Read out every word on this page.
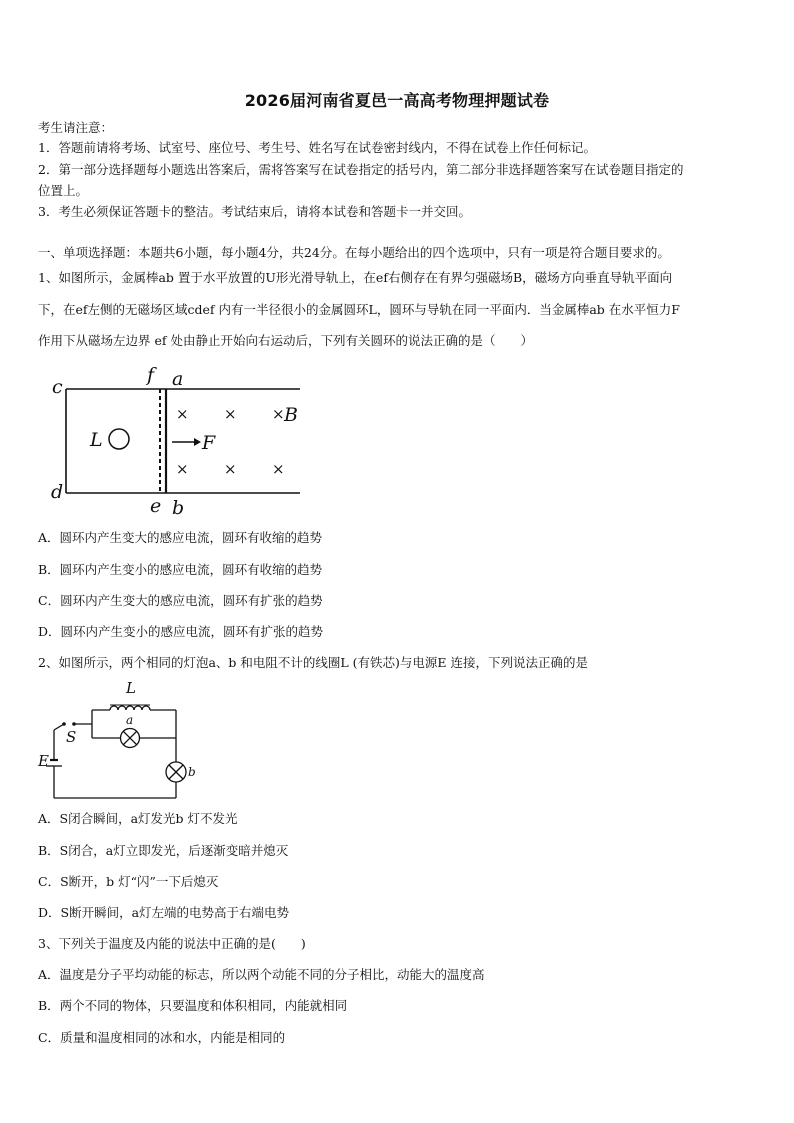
2026届河南省夏邑一高高考物理押题试卷
考生请注意：
1．答题前请将考场、试室号、座位号、考生号、姓名写在试卷密封线内，不得在试卷上作任何标记。
2．第一部分选择题每小题选出答案后，需将答案写在试卷指定的括号内，第二部分非选择题答案写在试卷题目指定的
位置上。
3．考生必须保证答题卡的整洁。考试结束后，请将本试卷和答题卡一并交回。
一、单项选择题：本题共6小题，每小题4分，共24分。在每小题给出的四个选项中，只有一项是符合题目要求的。
1、如图所示，金属棒ab 置于水平放置的U形光滑导轨上，在ef右侧存在有界匀强磁场B，磁场方向垂直导轨平面向
下，在ef左侧的无磁场区域cdef 内有一半径很小的金属圆环L，圆环与导轨在同一平面内．当金属棒ab 在水平恒力F
作用下从磁场左边界 ef 处由静止开始向右运动后，下列有关圆环的说法正确的是（　　）
c
f a
d
e b
L	F
B
× × ×
× × ×
A．圆环内产生变大的感应电流，圆环有收缩的趋势
B．圆环内产生变小的感应电流，圆环有收缩的趋势
C．圆环内产生变大的感应电流，圆环有扩张的趋势
D．圆环内产生变小的感应电流，圆环有扩张的趋势
2、如图所示，两个相同的灯泡a、b 和电阻不计的线圈L (有铁芯)与电源E 连接，下列说法正确的是
L
a
S
E
b
A．S闭合瞬间，a灯发光b 灯不发光
B．S闭合，a灯立即发光，后逐渐变暗并熄灭
C．S断开，b 灯“闪”一下后熄灭
D．S断开瞬间，a灯左端的电势高于右端电势
3、下列关于温度及内能的说法中正确的是(　　)
A．温度是分子平均动能的标志，所以两个动能不同的分子相比，动能大的温度高
B．两个不同的物体，只要温度和体积相同，内能就相同
C．质量和温度相同的冰和水，内能是相同的
